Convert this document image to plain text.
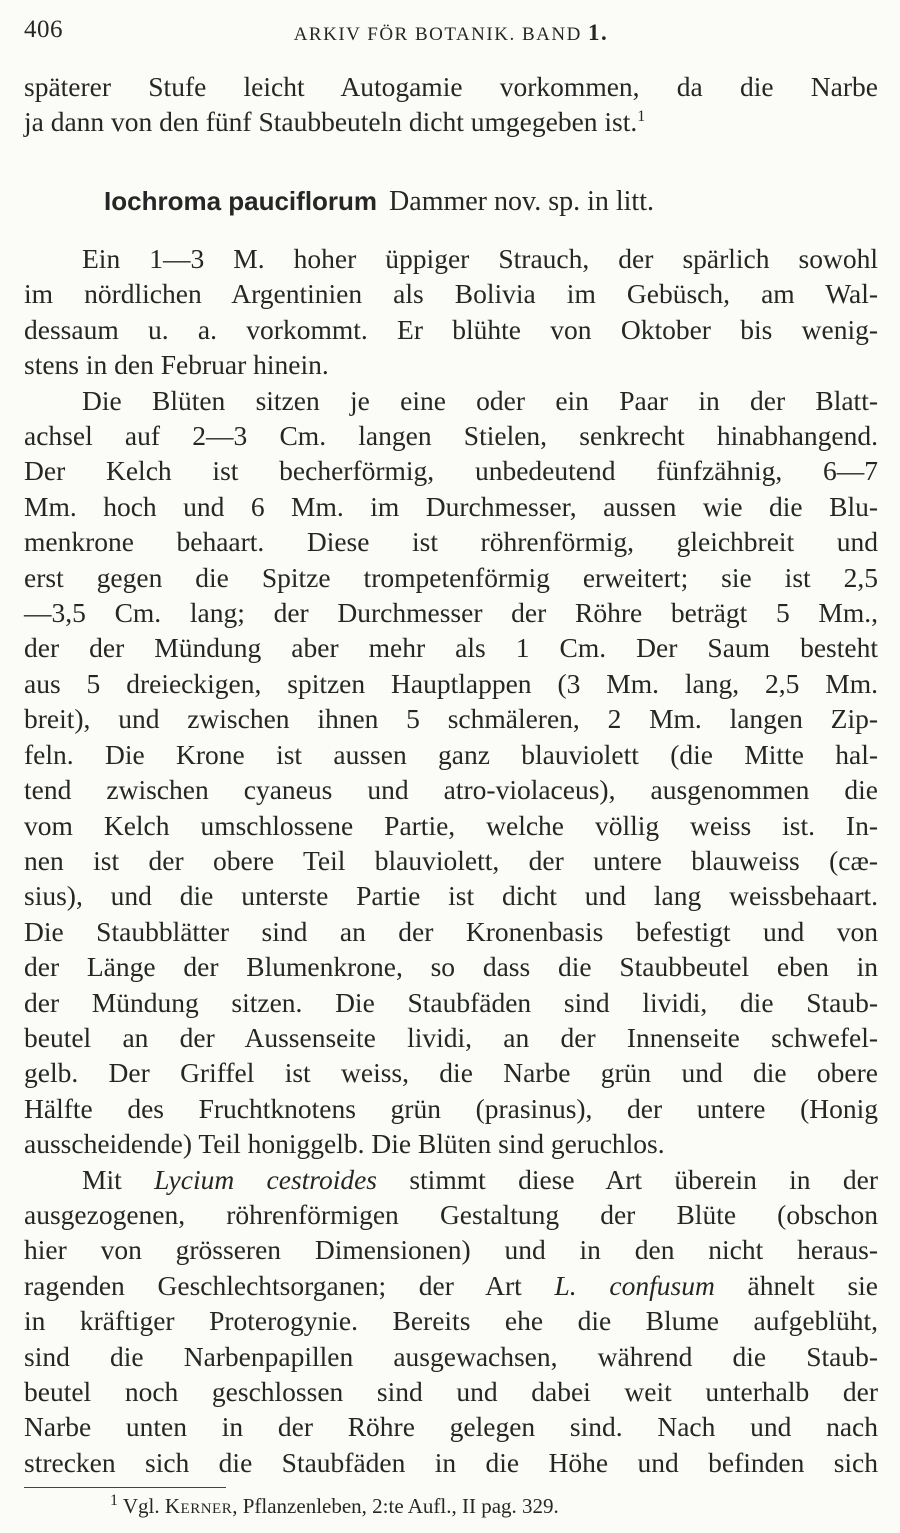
406	ARKIV FÖR BOTANIK. BAND 1.

späterer Stufe leicht Autogamie vorkommen, da die Narbe
ja dann von den fünf Staubbeuteln dicht umgegeben ist.$^1$

Iochroma pauciflorum Dammer nov. sp. in litt.

Ein 1—3 M. hoher üppiger Strauch, der spärlich sowohl
im nördlichen Argentinien als Bolivia im Gebüsch, am Wal-
dessaum u. a. vorkommt. Er blühte von Oktober bis wenig-
stens in den Februar hinein.

Die Blüten sitzen je eine oder ein Paar in der Blatt-
achsel auf 2—3 Cm. langen Stielen, senkrecht hinabhangend.
Der Kelch ist becherförmig, unbedeutend fünfzähnig, 6—7
Mm. hoch und 6 Mm. im Durchmesser, aussen wie die Blu-
menkrone behaart. Diese ist röhrenförmig, gleichbreit und
erst gegen die Spitze trompetenförmig erweitert; sie ist 2,5
—3,5 Cm. lang; der Durchmesser der Röhre beträgt 5 Mm.,
der der Mündung aber mehr als 1 Cm. Der Saum besteht
aus 5 dreieckigen, spitzen Hauptlappen (3 Mm. lang, 2,5 Mm.
breit), und zwischen ihnen 5 schmäleren, 2 Mm. langen Zip-
feln. Die Krone ist aussen ganz blauviolett (die Mitte hal-
tend zwischen cyaneus und atro-violaceus), ausgenommen die
vom Kelch umschlossene Partie, welche völlig weiss ist. In-
nen ist der obere Teil blauviolett, der untere blauweiss (cæ-
sius), und die unterste Partie ist dicht und lang weissbehaart.
Die Staubblätter sind an der Kronenbasis befestigt und von
der Länge der Blumenkrone, so dass die Staubbeutel eben in
der Mündung sitzen. Die Staubfäden sind lividi, die Staub-
beutel an der Aussenseite lividi, an der Innenseite schwefel-
gelb. Der Griffel ist weiss, die Narbe grün und die obere
Hälfte des Fruchtknotens grün (prasinus), der untere (Honig
ausscheidende) Teil honiggelb. Die Blüten sind geruchlos.

Mit Lycium cestroides stimmt diese Art überein in der
ausgezogenen, röhrenförmigen Gestaltung der Blüte (obschon
hier von grösseren Dimensionen) und in den nicht heraus-
ragenden Geschlechtsorganen; der Art L. confusum ähnelt sie
in kräftiger Proterogynie. Bereits ehe die Blume aufgeblüht,
sind die Narbenpapillen ausgewachsen, während die Staub-
beutel noch geschlossen sind und dabei weit unterhalb der
Narbe unten in der Röhre gelegen sind. Nach und nach
strecken sich die Staubfäden in die Höhe und befinden sich

$^1$ Vgl. Kerner, Pflanzenleben, 2:te Aufl., II pag. 329.
